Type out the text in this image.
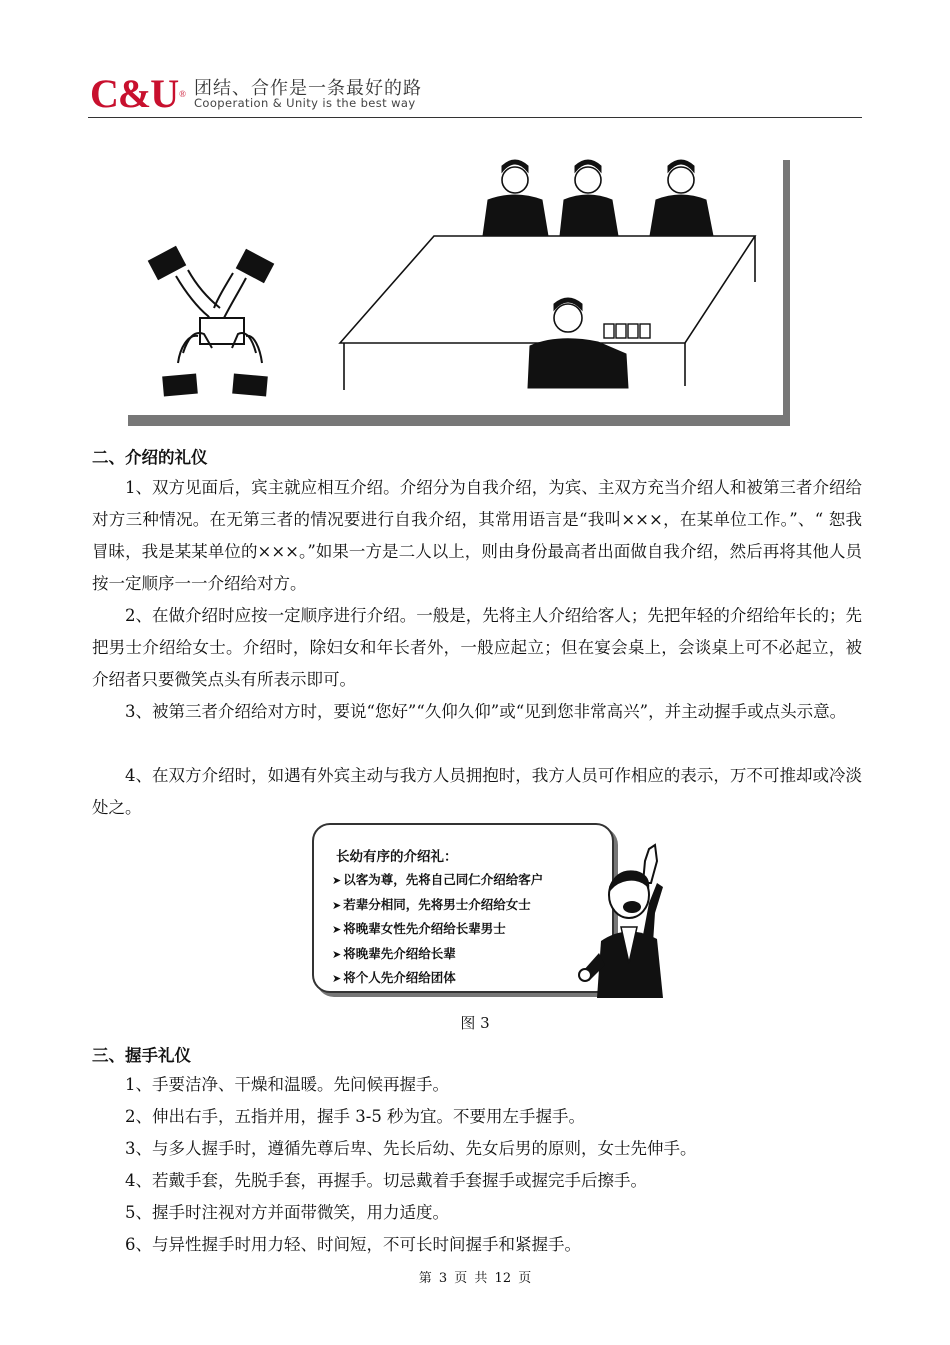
C&U® 团结、合作是一条最好的路
Cooperation & Unity is the best way
二、介绍的礼仪

1、双方见面后，宾主就应相互介绍。介绍分为自我介绍，为宾、主双方充当介绍人和被第三者介绍给对方三种情况。在无第三者的情况要进行自我介绍，其常用语言是“我叫×××，在某单位工作。”、“ 恕我冒昧，我是某某单位的×××。”如果一方是二人以上，则由身份最高者出面做自我介绍，然后再将其他人员按一定顺序一一介绍给对方。

2、在做介绍时应按一定顺序进行介绍。一般是，先将主人介绍给客人；先把年轻的介绍给年长的；先把男士介绍给女士。介绍时，除妇女和年长者外，一般应起立；但在宴会桌上，会谈桌上可不必起立，被介绍者只要微笑点头有所表示即可。

3、被第三者介绍给对方时，要说“您好”“久仰久仰”或“见到您非常高兴”，并主动握手或点头示意。

4、在双方介绍时，如遇有外宾主动与我方人员拥抱时，我方人员可作相应的表示，万不可推却或冷淡处之。

长幼有序的介绍礼：
➤ 以客为尊，先将自己同仁介绍给客户
➤ 若辈分相同，先将男士介绍给女士
➤ 将晚辈女性先介绍给长辈男士
➤ 将晚辈先介绍给长辈
➤ 将个人先介绍给团体
图 3
三、握手礼仪
1、手要洁净、干燥和温暖。先问候再握手。
2、伸出右手，五指并用，握手 3-5 秒为宜。不要用左手握手。
3、与多人握手时，遵循先尊后卑、先长后幼、先女后男的原则，女士先伸手。
4、若戴手套，先脱手套，再握手。切忌戴着手套握手或握完手后擦手。
5、握手时注视对方并面带微笑，用力适度。
6、与异性握手时用力轻、时间短，不可长时间握手和紧握手。
第 3 页 共 12 页
